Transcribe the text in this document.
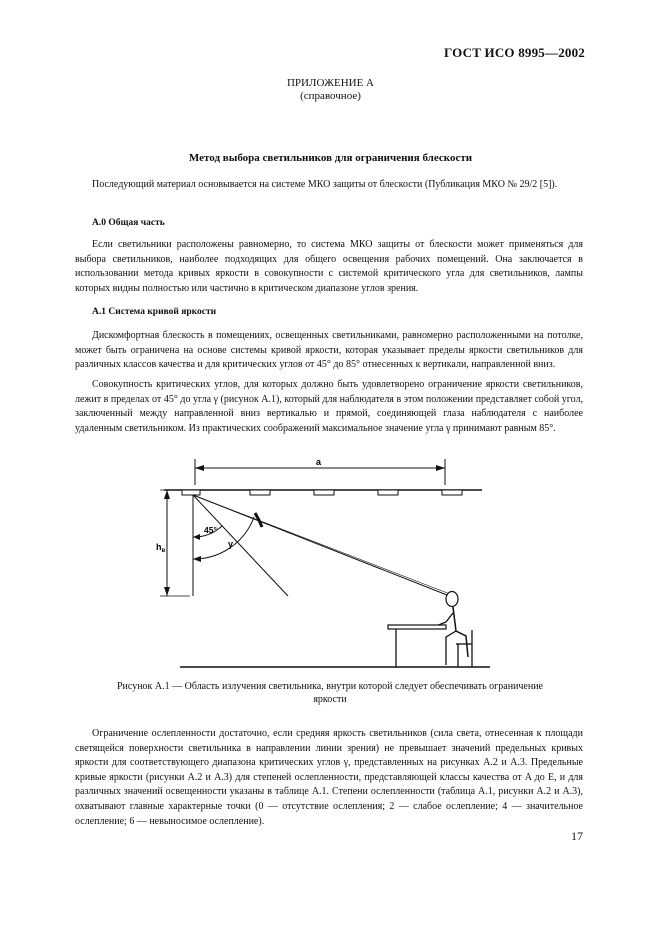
ГОСТ ИСО 8995—2002
ПРИЛОЖЕНИЕ А
(справочное)
Метод выбора светильников для ограничения блескости

Последующий материал основывается на системе МКО защиты от блескости (Публикация МКО № 29/2 [5]).

А.0 Общая часть

Если светильники расположены равномерно, то система МКО защиты от блескости может применяться для выбора светильников, наиболее подходящих для общего освещения рабочих помещений. Она заключается в использовании метода кривых яркости в совокупности с системой критического угла для светильников, лампы которых видны полностью или частично в критическом диапазоне углов зрения.

А.1 Система кривой яркости

Дискомфортная блескость в помещениях, освещенных светильниками, равномерно расположенными на потолке, может быть ограничена на основе системы кривой яркости, которая указывает пределы яркости светильников для различных классов качества и для критических углов от 45° до 85° отнесенных к вертикали, направленной вниз.

Совокупность критических углов, для которых должно быть удовлетворено ограничение яркости светильников, лежит в пределах от 45° до угла γ (рисунок А.1), который для наблюдателя в этом положении представляет собой угол, заключенный между направленной вниз вертикалью и прямой, соединяющей глаза наблюдателя с наиболее удаленным светильником. Из практических соображений максимальное значение угла γ принимают равным 85°.

a
$h_в$
45°
γ
Рисунок А.1 — Область излучения светильника, внутри которой следует обеспечивать ограничение яркости

Ограничение ослепленности достаточно, если средняя яркость светильников (сила света, отнесенная к площади светящейся поверхности светильника в направлении линии зрения) не превышает значений предельных кривых яркости для соответствующего диапазона критических углов γ, представленных на рисунках А.2 и А.3. Предельные кривые яркости (рисунки А.2 и А.3) для степеней ослепленности, представляющей классы качества от A до E, и для различных значений освещенности указаны в таблице А.1. Степени ослепленности (таблица А.1, рисунки А.2 и А.3), охватывают главные характерные точки (0 — отсутствие ослепления; 2 — слабое ослепление; 4 — значительное ослепление; 6 — невыносимое ослепление).

17
